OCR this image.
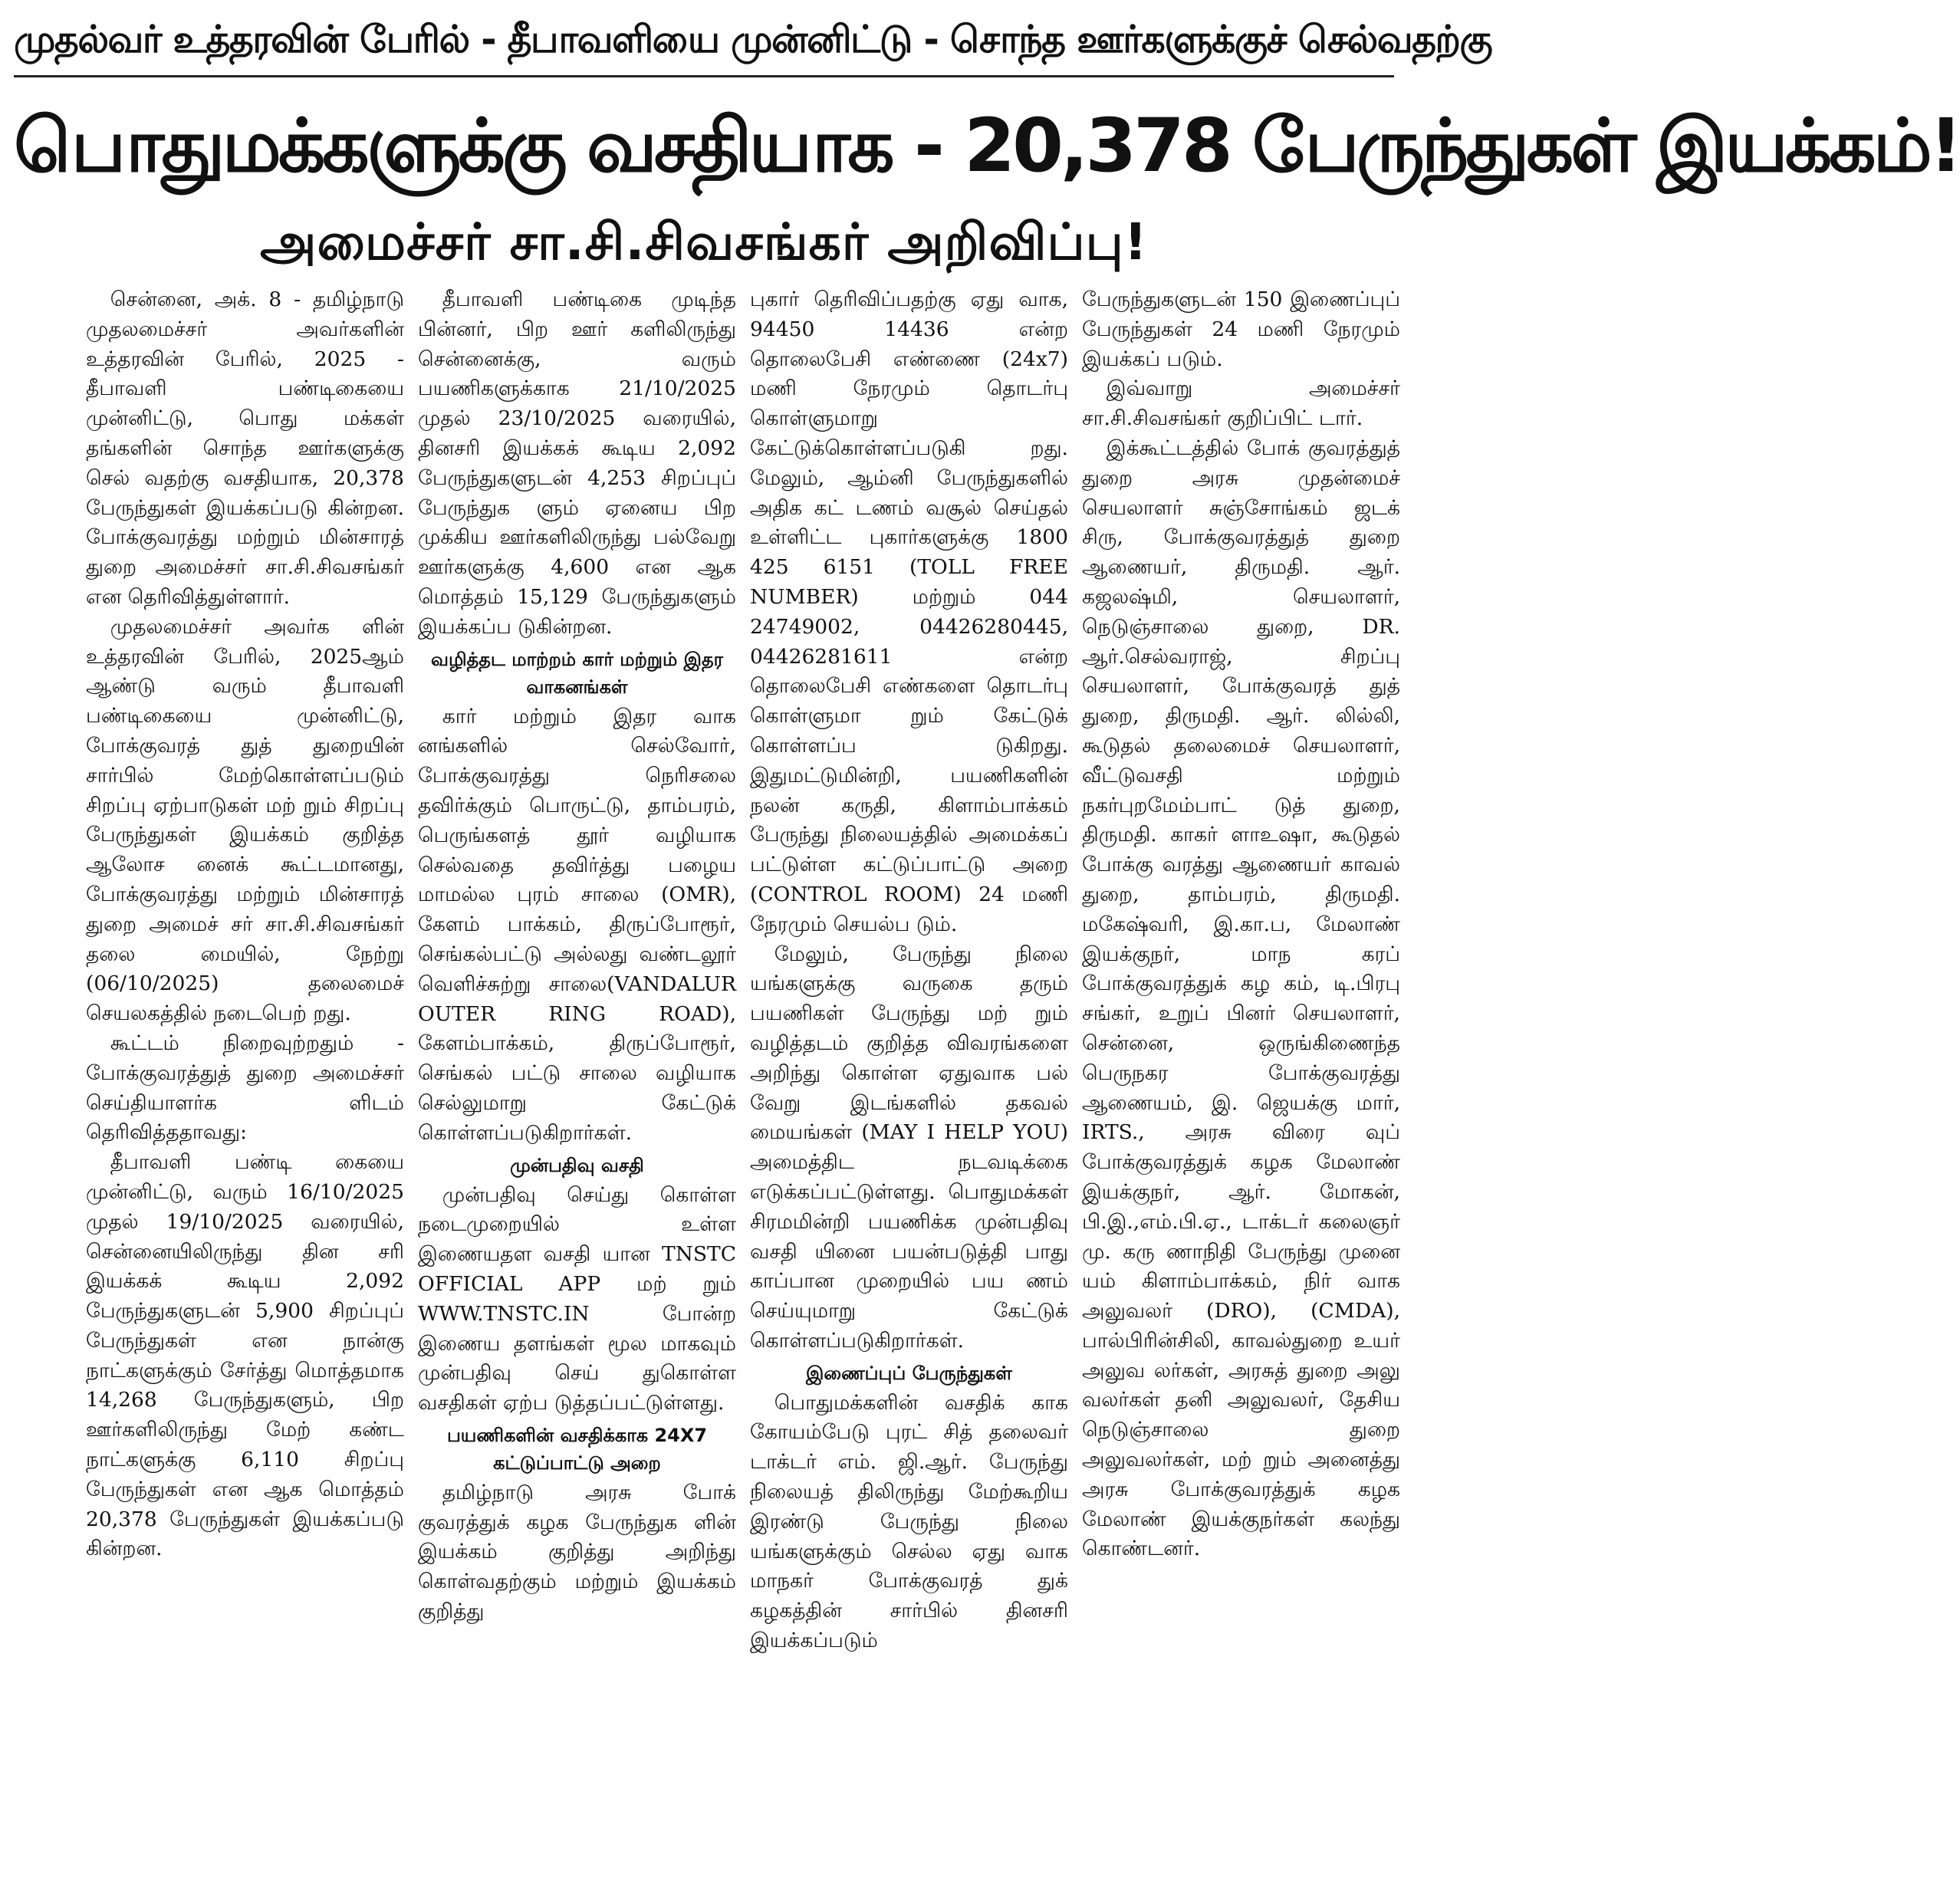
முதல்வர் உத்தரவின் பேரில் - தீபாவளியை முன்னிட்டு - சொந்த ஊர்களுக்குச் செல்வதற்கு
பொதுமக்களுக்கு வசதியாக - 20,378 பேருந்துகள் இயக்கம்!
அமைச்சர் சா.சி.சிவசங்கர் அறிவிப்பு!

சென்னை, அக். 8 - தமிழ்நாடு முதலமைச்சர் அவர்களின் உத்தரவின் பேரில், 2025 - தீபாவளி பண்டிகையை முன்னிட்டு, பொது மக்கள் தங்களின் சொந்த ஊர்களுக்கு செல் வதற்கு வசதியாக, 20,378 பேருந்துகள் இயக்கப்படு கின்றன. போக்குவரத்து மற்றும் மின்சாரத் துறை அமைச்சர் சா.சி.சிவசங்கர் என தெரிவித்துள்ளார்.

முதலமைச்சர் அவர்க ளின் உத்தரவின் பேரில், 2025ஆம் ஆண்டு வரும் தீபாவளி பண்டிகையை முன்னிட்டு, போக்குவரத் துத் துறையின் சார்பில் மேற்கொள்ளப்படும் சிறப்பு ஏற்பாடுகள் மற் றும் சிறப்பு பேருந்துகள் இயக்கம் குறித்த ஆலோச னைக் கூட்டமானது, போக்குவரத்து மற்றும் மின்சாரத் துறை அமைச் சர் சா.சி.சிவசங்கர் தலை மையில், நேற்று (06/10/2025) தலைமைச் செயலகத்தில் நடைபெற் றது.

கூட்டம் நிறைவுற்றதும் - போக்குவரத்துத் துறை அமைச்சர் செய்தியாளர்க ளிடம் தெரிவித்ததாவது:

தீபாவளி பண்டி கையை முன்னிட்டு, வரும் 16/10/2025 முதல் 19/10/2025 வரையில், சென்னையிலிருந்து தின சரி இயக்கக் கூடிய 2,092 பேருந்துகளுடன் 5,900 சிறப்புப் பேருந்துகள் என நான்கு நாட்களுக்கும் சேர்த்து மொத்தமாக 14,268 பேருந்துகளும், பிற ஊர்களிலிருந்து மேற் கண்ட நாட்களுக்கு 6,110 சிறப்பு பேருந்துகள் என ஆக மொத்தம் 20,378 பேருந்துகள் இயக்கப்படு கின்றன.

தீபாவளி பண்டிகை முடிந்த பின்னர், பிற ஊர் களிலிருந்து சென்னைக்கு, வரும் பயணிகளுக்காக 21/10/2025 முதல் 23/10/2025 வரையில், தினசரி இயக்கக் கூடிய 2,092 பேருந்துகளுடன் 4,253 சிறப்புப் பேருந்துக ளும் ஏனைய பிற முக்கிய ஊர்களிலிருந்து பல்வேறு ஊர்களுக்கு 4,600 என ஆக மொத்தம் 15,129 பேருந்துகளும் இயக்கப்ப டுகின்றன.

வழித்தட மாற்றம் கார் மற்றும் இதர வாகனங்கள்

கார் மற்றும் இதர வாக னங்களில் செல்வோர், போக்குவரத்து நெரிசலை தவிர்க்கும் பொருட்டு, தாம்பரம், பெருங்களத் தூர் வழியாக செல்வதை தவிர்த்து பழைய மாமல்ல புரம் சாலை (OMR), கேளம் பாக்கம், திருப்போரூர், செங்கல்பட்டு அல்லது வண்டலூர் வெளிச்சுற்று சாலை(VANDALUR OUTER RING ROAD), கேளம்பாக்கம், திருப்போரூர், செங்கல் பட்டு சாலை வழியாக செல்லுமாறு கேட்டுக் கொள்ளப்படுகிறார்கள்.

முன்பதிவு வசதி

முன்பதிவு செய்து கொள்ள நடைமுறையில் உள்ள இணையதள வசதி யான TNSTC OFFICIAL APP மற் றும் WWW.TNSTC.IN போன்ற இணைய தளங்கள் மூல மாகவும் முன்பதிவு செய் துகொள்ள வசதிகள் ஏற்ப டுத்தப்பட்டுள்ளது.

பயணிகளின் வசதிக்காக 24X7 கட்டுப்பாட்டு அறை

தமிழ்நாடு அரசு போக் குவரத்துக் கழக பேருந்துக ளின் இயக்கம் குறித்து அறிந்து கொள்வதற்கும் மற்றும் இயக்கம் குறித்து

புகார் தெரிவிப்பதற்கு ஏது வாக, 94450 14436 என்ற தொலைபேசி எண்ணை (24x7) மணி நேரமும் தொடர்பு கொள்ளுமாறு கேட்டுக்கொள்ளப்படுகி றது. மேலும், ஆம்னி பேருந்துகளில் அதிக கட் டணம் வசூல் செய்தல் உள்ளிட்ட புகார்களுக்கு 1800 425 6151 (TOLL FREE NUMBER) மற்றும் 044 24749002, 04426280445, 04426281611 என்ற தொலைபேசி எண்களை தொடர்பு கொள்ளுமா றும் கேட்டுக் கொள்ளப்ப டுகிறது. இதுமட்டுமின்றி, பயணிகளின் நலன் கருதி, கிளாம்பாக்கம் பேருந்து நிலையத்தில் அமைக்கப் பட்டுள்ள கட்டுப்பாட்டு அறை (CONTROL ROOM) 24 மணி நேரமும் செயல்ப டும்.

மேலும், பேருந்து நிலை யங்களுக்கு வருகை தரும் பயணிகள் பேருந்து மற் றும் வழித்தடம் குறித்த விவரங்களை அறிந்து கொள்ள ஏதுவாக பல் வேறு இடங்களில் தகவல் மையங்கள் (MAY I HELP YOU) அமைத்திட நடவடிக்கை எடுக்கப்பட்டுள்ளது. பொதுமக்கள் சிரமமின்றி பயணிக்க முன்பதிவு வசதி யினை பயன்படுத்தி பாது காப்பான முறையில் பய ணம் செய்யுமாறு கேட்டுக் கொள்ளப்படுகிறார்கள்.

இணைப்புப் பேருந்துகள்

பொதுமக்களின் வசதிக் காக கோயம்பேடு புரட் சித் தலைவர் டாக்டர் எம். ஜி.ஆர். பேருந்து நிலையத் திலிருந்து மேற்கூறிய இரண்டு பேருந்து நிலை யங்களுக்கும் செல்ல ஏது வாக மாநகர் போக்குவரத் துக் கழகத்தின் சார்பில் தினசரி இயக்கப்படும்

பேருந்துகளுடன் 150 இணைப்புப் பேருந்துகள் 24 மணி நேரமும் இயக்கப் படும்.

இவ்வாறு அமைச்சர் சா.சி.சிவசங்கர் குறிப்பிட் டார்.

இக்கூட்டத்தில் போக் குவரத்துத் துறை அரசு முதன்மைச் செயலாளர் சுஞ்சோங்கம் ஜடக் சிரு, போக்குவரத்துத் துறை ஆணையர், திருமதி. ஆர். கஜலஷ்மி, செயலாளர், நெடுஞ்சாலை துறை, DR. ஆர்.செல்வராஜ், சிறப்பு செயலாளர், போக்குவரத் துத் துறை, திருமதி. ஆர். லில்லி, கூடுதல் தலைமைச் செயலாளர், வீட்டுவசதி மற்றும் நகர்புறமேம்பாட் டுத் துறை, திருமதி. காகர் ளாஉஷா, கூடுதல் போக்கு வரத்து ஆணையர் காவல் துறை, தாம்பரம், திருமதி. மகேஷ்வரி, இ.கா.ப, மேலாண் இயக்குநர், மாந கரப் போக்குவரத்துக் கழ கம், டி.பிரபு சங்கர், உறுப் பினர் செயலாளர், சென்னை, ஒருங்கிணைந்த பெருநகர போக்குவரத்து ஆணையம், இ. ஜெயக்கு மார், IRTS., அரசு விரை வுப் போக்குவரத்துக் கழக மேலாண் இயக்குநர், ஆர். மோகன், பி.இ.,எம்.பி.ஏ., டாக்டர் கலைஞர் மு. கரு ணாநிதி பேருந்து முனை யம் கிளாம்பாக்கம், நிர் வாக அலுவலர் (DRO), (CMDA), பால்பிரின்சிலி, காவல்துறை உயர் அலுவ லர்கள், அரசுத் துறை அலு வலர்கள் தனி அலுவலர், தேசிய நெடுஞ்சாலை துறை அலுவலர்கள், மற் றும் அனைத்து அரசு போக்குவரத்துக் கழக மேலாண் இயக்குநர்கள் கலந்து கொண்டனர்.
